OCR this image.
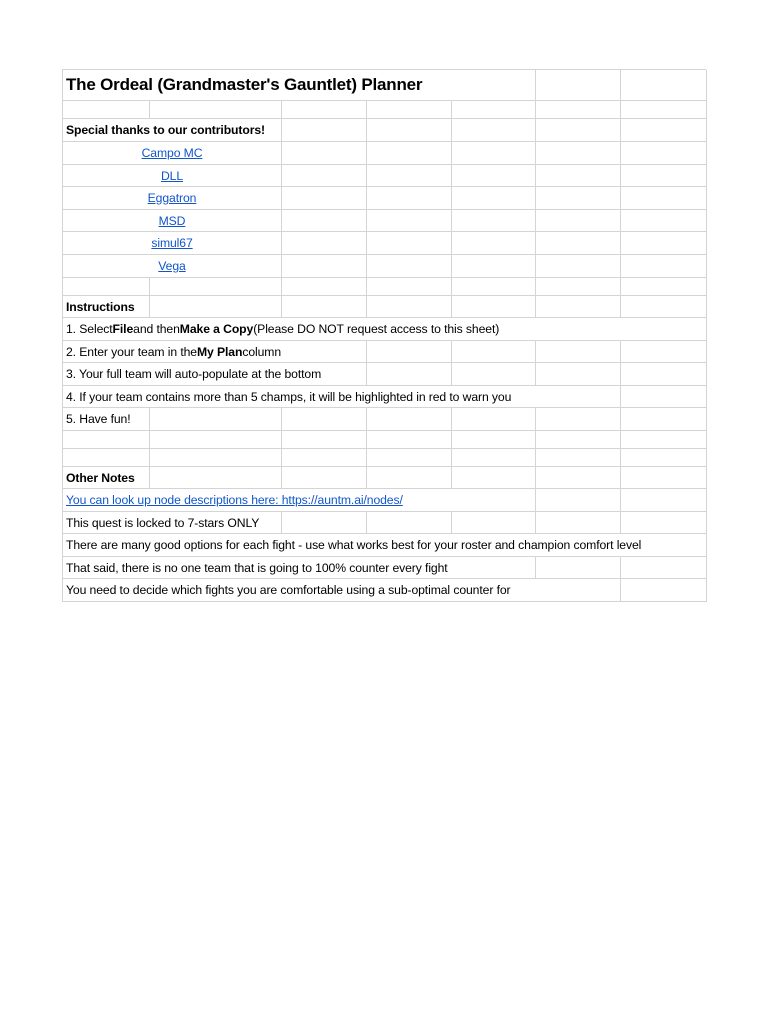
The Ordeal (Grandmaster's Gauntlet) Planner
Special thanks to our contributors!
Campo MC
DLL
Eggatron
MSD
simul67
Vega
Instructions
1. Select File and then Make a Copy (Please DO NOT request access to this sheet)
2. Enter your team in the My Plan column
3. Your full team will auto-populate at the bottom
4. If your team contains more than 5 champs, it will be highlighted in red to warn you
5. Have fun!
Other Notes
You can look up node descriptions here: https://auntm.ai/nodes/
This quest is locked to 7-stars ONLY
There are many good options for each fight - use what works best for your roster and champion comfort level
That said, there is no one team that is going to 100% counter every fight
You need to decide which fights you are comfortable using a sub-optimal counter for
